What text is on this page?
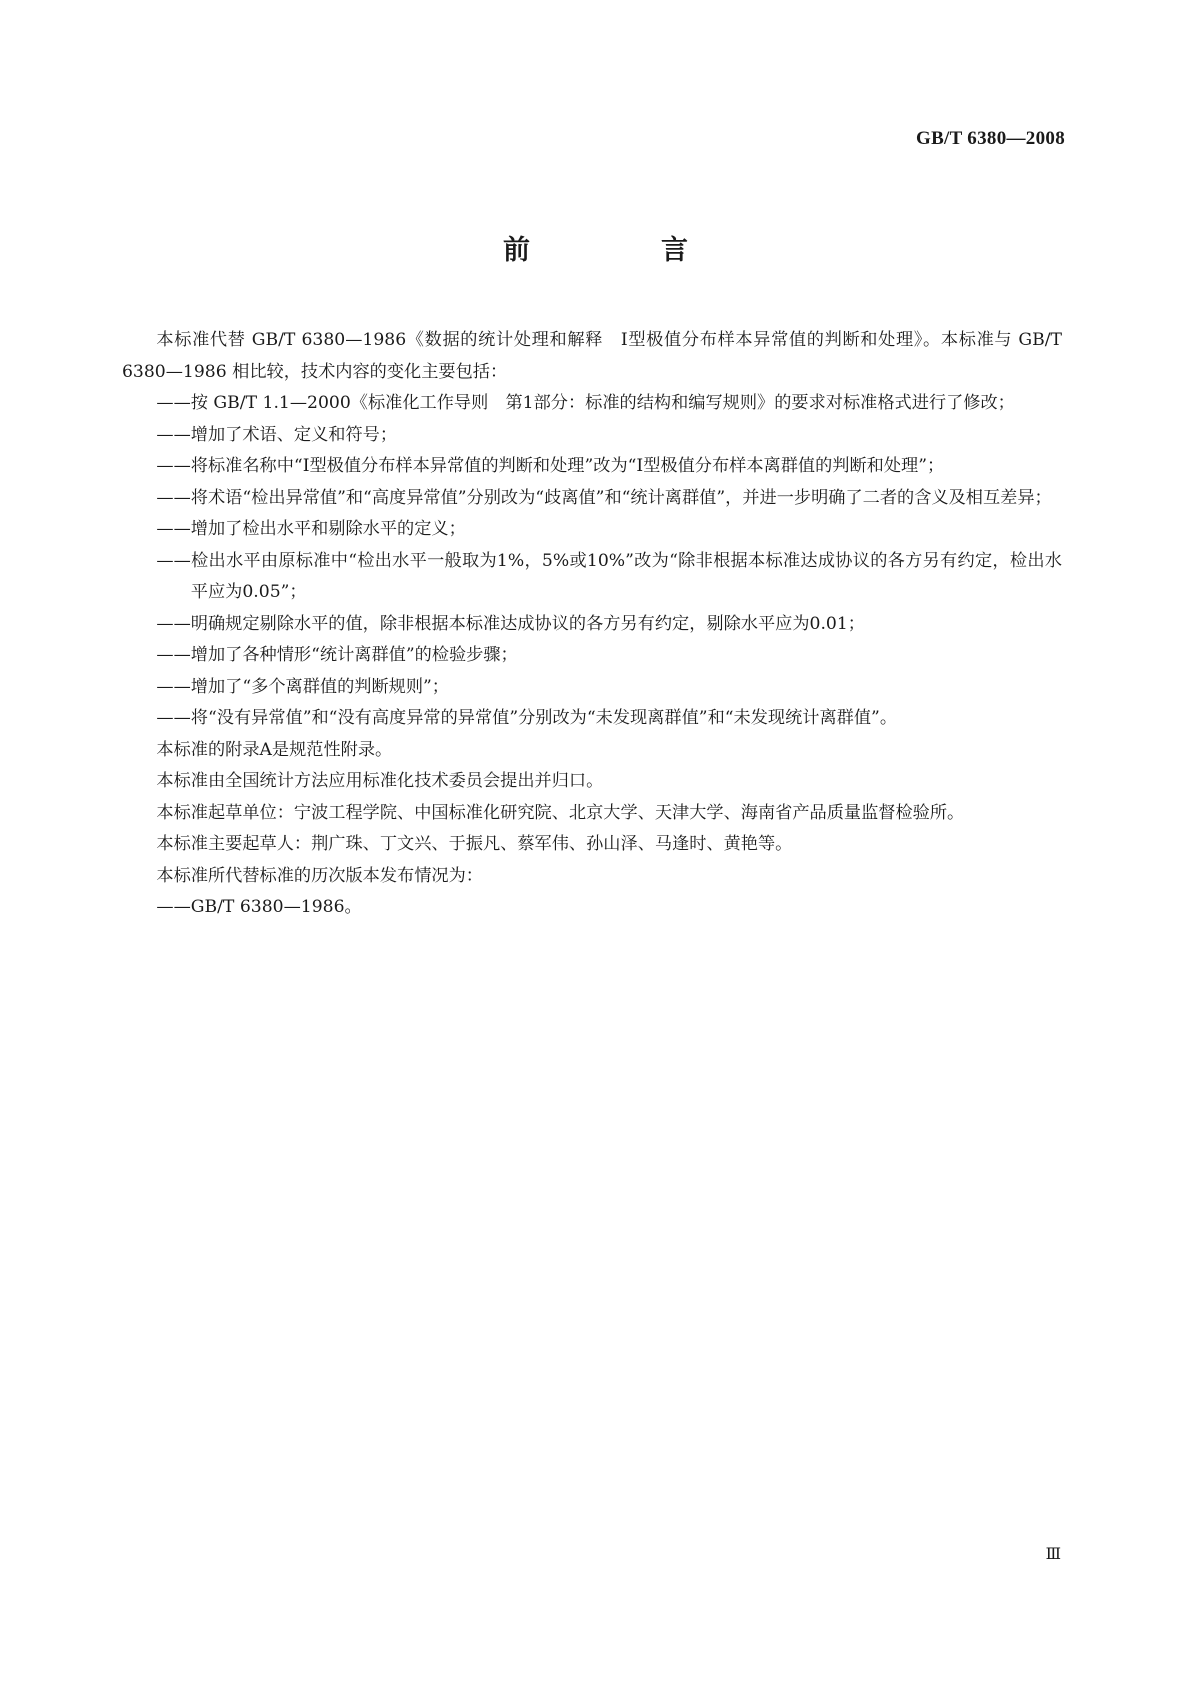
GB/T 6380—2008
前　言

本标准代替 GB/T 6380—1986《数据的统计处理和解释　Ⅰ型极值分布样本异常值的判断和处理》。本标准与 GB/T 6380—1986 相比较，技术内容的变化主要包括：

——按 GB/T 1.1—2000《标准化工作导则　第1部分：标准的结构和编写规则》的要求对标准格式进行了修改；

——增加了术语、定义和符号；

——将标准名称中“Ⅰ型极值分布样本异常值的判断和处理”改为“Ⅰ型极值分布样本离群值的判断和处理”；

——将术语“检出异常值”和“高度异常值”分别改为“歧离值”和“统计离群值”，并进一步明确了二者的含义及相互差异；

——增加了检出水平和剔除水平的定义；

——检出水平由原标准中“检出水平一般取为1%，5%或10%”改为“除非根据本标准达成协议的各方另有约定，检出水平应为0.05”；

——明确规定剔除水平的值，除非根据本标准达成协议的各方另有约定，剔除水平应为0.01；

——增加了各种情形“统计离群值”的检验步骤；

——增加了“多个离群值的判断规则”；

——将“没有异常值”和“没有高度异常的异常值”分别改为“未发现离群值”和“未发现统计离群值”。

本标准的附录A是规范性附录。

本标准由全国统计方法应用标准化技术委员会提出并归口。

本标准起草单位：宁波工程学院、中国标准化研究院、北京大学、天津大学、海南省产品质量监督检验所。

本标准主要起草人：荆广珠、丁文兴、于振凡、蔡军伟、孙山泽、马逢时、黄艳等。

本标准所代替标准的历次版本发布情况为：

——GB/T 6380—1986。

Ⅲ
